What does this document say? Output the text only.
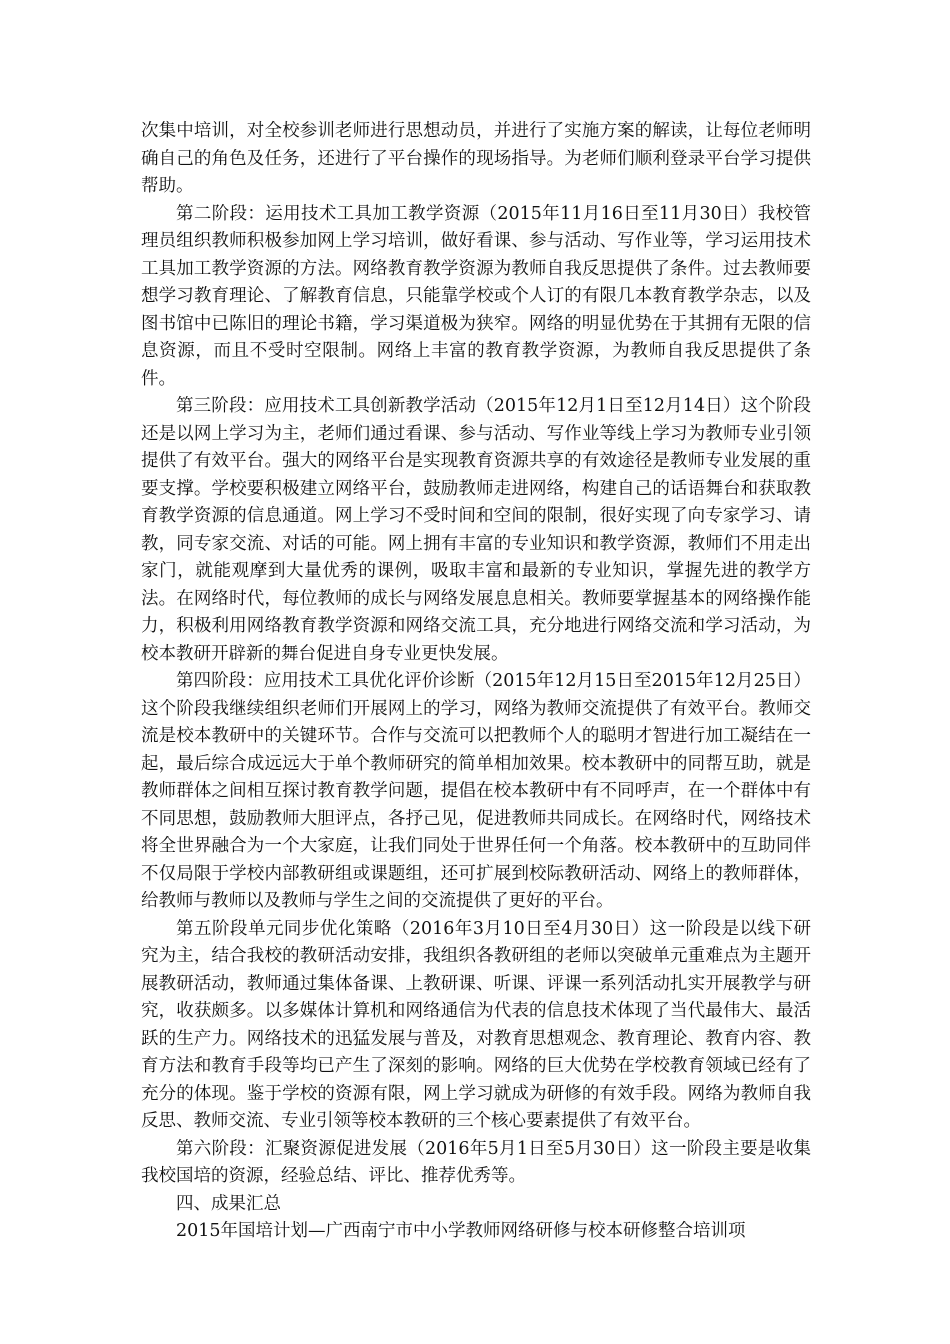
次集中培训，对全校参训老师进行思想动员，并进行了实施方案的解读，让每位老师明确自己的角色及任务，还进行了平台操作的现场指导。为老师们顺利登录平台学习提供帮助。

第二阶段：运用技术工具加工教学资源（2015年11月16日至11月30日）我校管理员组织教师积极参加网上学习培训，做好看课、参与活动、写作业等，学习运用技术工具加工教学资源的方法。网络教育教学资源为教师自我反思提供了条件。过去教师要想学习教育理论、了解教育信息，只能靠学校或个人订的有限几本教育教学杂志，以及图书馆中已陈旧的理论书籍，学习渠道极为狭窄。网络的明显优势在于其拥有无限的信息资源，而且不受时空限制。网络上丰富的教育教学资源，为教师自我反思提供了条件。

第三阶段：应用技术工具创新教学活动（2015年12月1日至12月14日）这个阶段还是以网上学习为主，老师们通过看课、参与活动、写作业等线上学习为教师专业引领提供了有效平台。强大的网络平台是实现教育资源共享的有效途径是教师专业发展的重要支撑。学校要积极建立网络平台，鼓励教师走进网络，构建自己的话语舞台和获取教育教学资源的信息通道。网上学习不受时间和空间的限制，很好实现了向专家学习、请教，同专家交流、对话的可能。网上拥有丰富的专业知识和教学资源，教师们不用走出家门，就能观摩到大量优秀的课例，吸取丰富和最新的专业知识，掌握先进的教学方法。在网络时代，每位教师的成长与网络发展息息相关。教师要掌握基本的网络操作能力，积极利用网络教育教学资源和网络交流工具，充分地进行网络交流和学习活动，为校本教研开辟新的舞台促进自身专业更快发展。

第四阶段：应用技术工具优化评价诊断（2015年12月15日至2015年12月25日）这个阶段我继续组织老师们开展网上的学习，网络为教师交流提供了有效平台。教师交流是校本教研中的关键环节。合作与交流可以把教师个人的聪明才智进行加工凝结在一起，最后综合成远远大于单个教师研究的简单相加效果。校本教研中的同帮互助，就是教师群体之间相互探讨教育教学问题，提倡在校本教研中有不同呼声，在一个群体中有不同思想，鼓励教师大胆评点，各抒己见，促进教师共同成长。在网络时代，网络技术将全世界融合为一个大家庭，让我们同处于世界任何一个角落。校本教研中的互助同伴不仅局限于学校内部教研组或课题组，还可扩展到校际教研活动、网络上的教师群体，给教师与教师以及教师与学生之间的交流提供了更好的平台。

第五阶段单元同步优化策略（2016年3月10日至4月30日）这一阶段是以线下研究为主，结合我校的教研活动安排，我组织各教研组的老师以突破单元重难点为主题开展教研活动，教师通过集体备课、上教研课、听课、评课一系列活动扎实开展教学与研究，收获颇多。以多媒体计算机和网络通信为代表的信息技术体现了当代最伟大、最活跃的生产力。网络技术的迅猛发展与普及，对教育思想观念、教育理论、教育内容、教育方法和教育手段等均已产生了深刻的影响。网络的巨大优势在学校教育领域已经有了充分的体现。鉴于学校的资源有限，网上学习就成为研修的有效手段。网络为教师自我反思、教师交流、专业引领等校本教研的三个核心要素提供了有效平台。

第六阶段：汇聚资源促进发展（2016年5月1日至5月30日）这一阶段主要是收集我校国培的资源，经验总结、评比、推荐优秀等。

四、成果汇总

2015年国培计划—广西南宁市中小学教师网络研修与校本研修整合培训项
